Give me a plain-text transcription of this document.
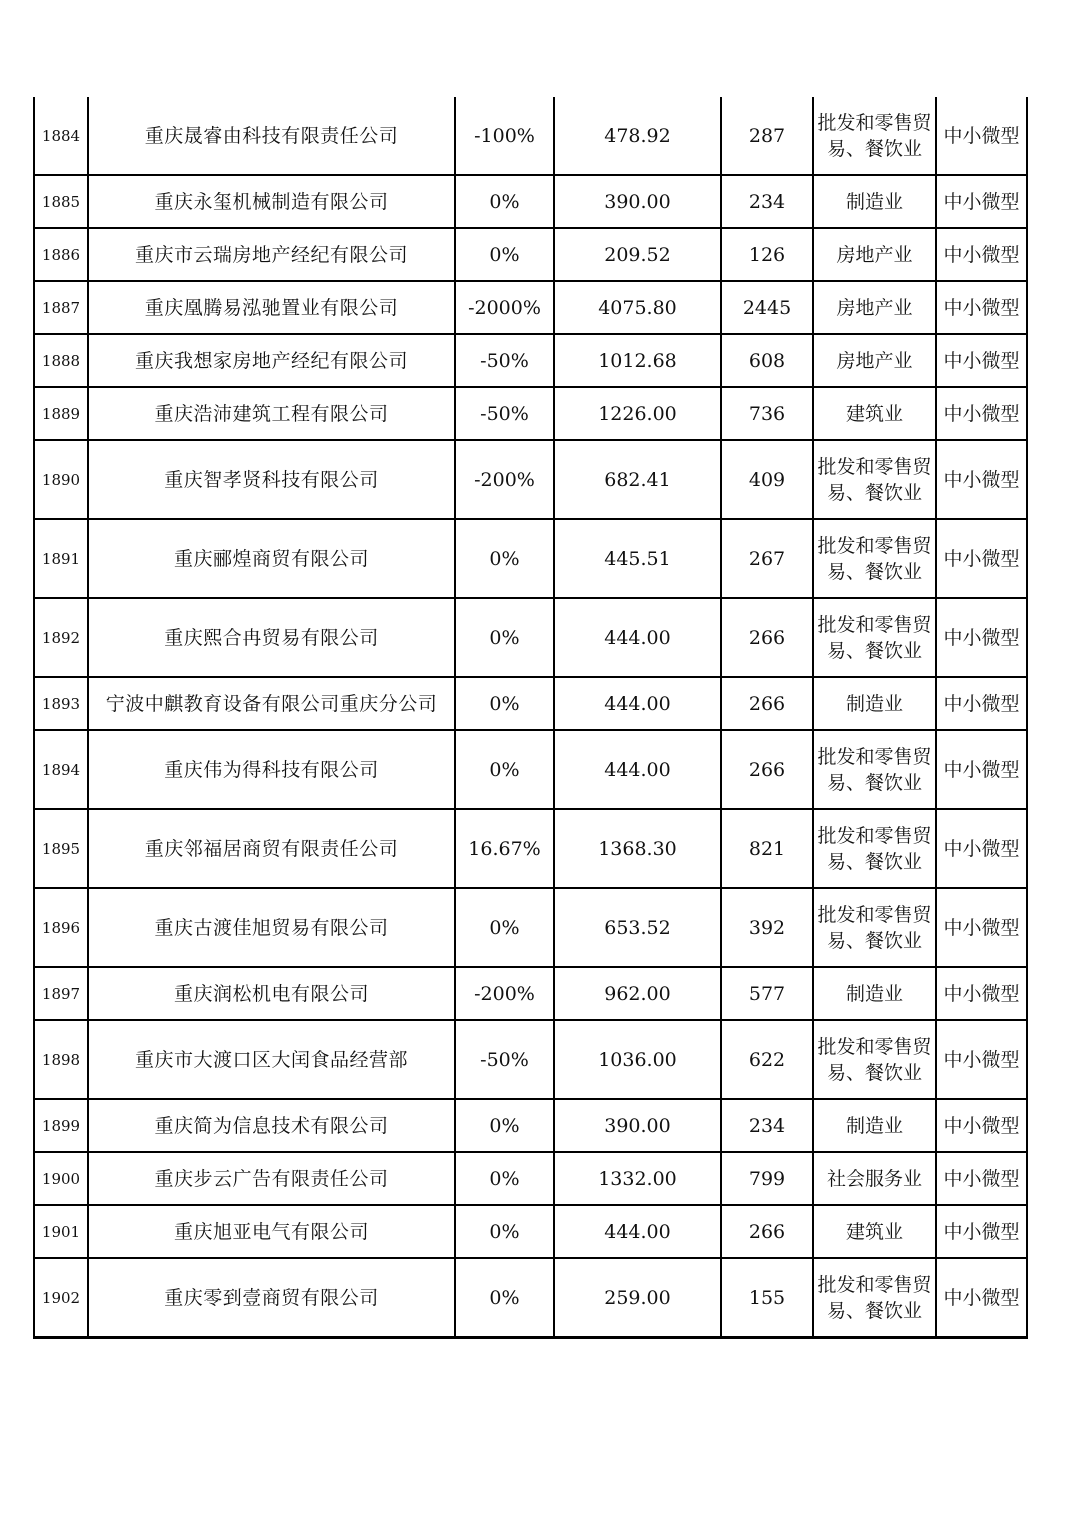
1884	重庆晟睿由科技有限责任公司	-100%	478.92	287	批发和零售贸易、餐饮业	中小微型
1885	重庆永玺机械制造有限公司	0%	390.00	234	制造业	中小微型
1886	重庆市云瑞房地产经纪有限公司	0%	209.52	126	房地产业	中小微型
1887	重庆凰腾易泓驰置业有限公司	-2000%	4075.80	2445	房地产业	中小微型
1888	重庆我想家房地产经纪有限公司	-50%	1012.68	608	房地产业	中小微型
1889	重庆浩沛建筑工程有限公司	-50%	1226.00	736	建筑业	中小微型
1890	重庆智孝贤科技有限公司	-200%	682.41	409	批发和零售贸易、餐饮业	中小微型
1891	重庆郦煌商贸有限公司	0%	445.51	267	批发和零售贸易、餐饮业	中小微型
1892	重庆熙合冉贸易有限公司	0%	444.00	266	批发和零售贸易、餐饮业	中小微型
1893	宁波中麒教育设备有限公司重庆分公司	0%	444.00	266	制造业	中小微型
1894	重庆伟为得科技有限公司	0%	444.00	266	批发和零售贸易、餐饮业	中小微型
1895	重庆邻福居商贸有限责任公司	16.67%	1368.30	821	批发和零售贸易、餐饮业	中小微型
1896	重庆古渡佳旭贸易有限公司	0%	653.52	392	批发和零售贸易、餐饮业	中小微型
1897	重庆润松机电有限公司	-200%	962.00	577	制造业	中小微型
1898	重庆市大渡口区大闰食品经营部	-50%	1036.00	622	批发和零售贸易、餐饮业	中小微型
1899	重庆简为信息技术有限公司	0%	390.00	234	制造业	中小微型
1900	重庆步云广告有限责任公司	0%	1332.00	799	社会服务业	中小微型
1901	重庆旭亚电气有限公司	0%	444.00	266	建筑业	中小微型
1902	重庆零到壹商贸有限公司	0%	259.00	155	批发和零售贸易、餐饮业	中小微型
